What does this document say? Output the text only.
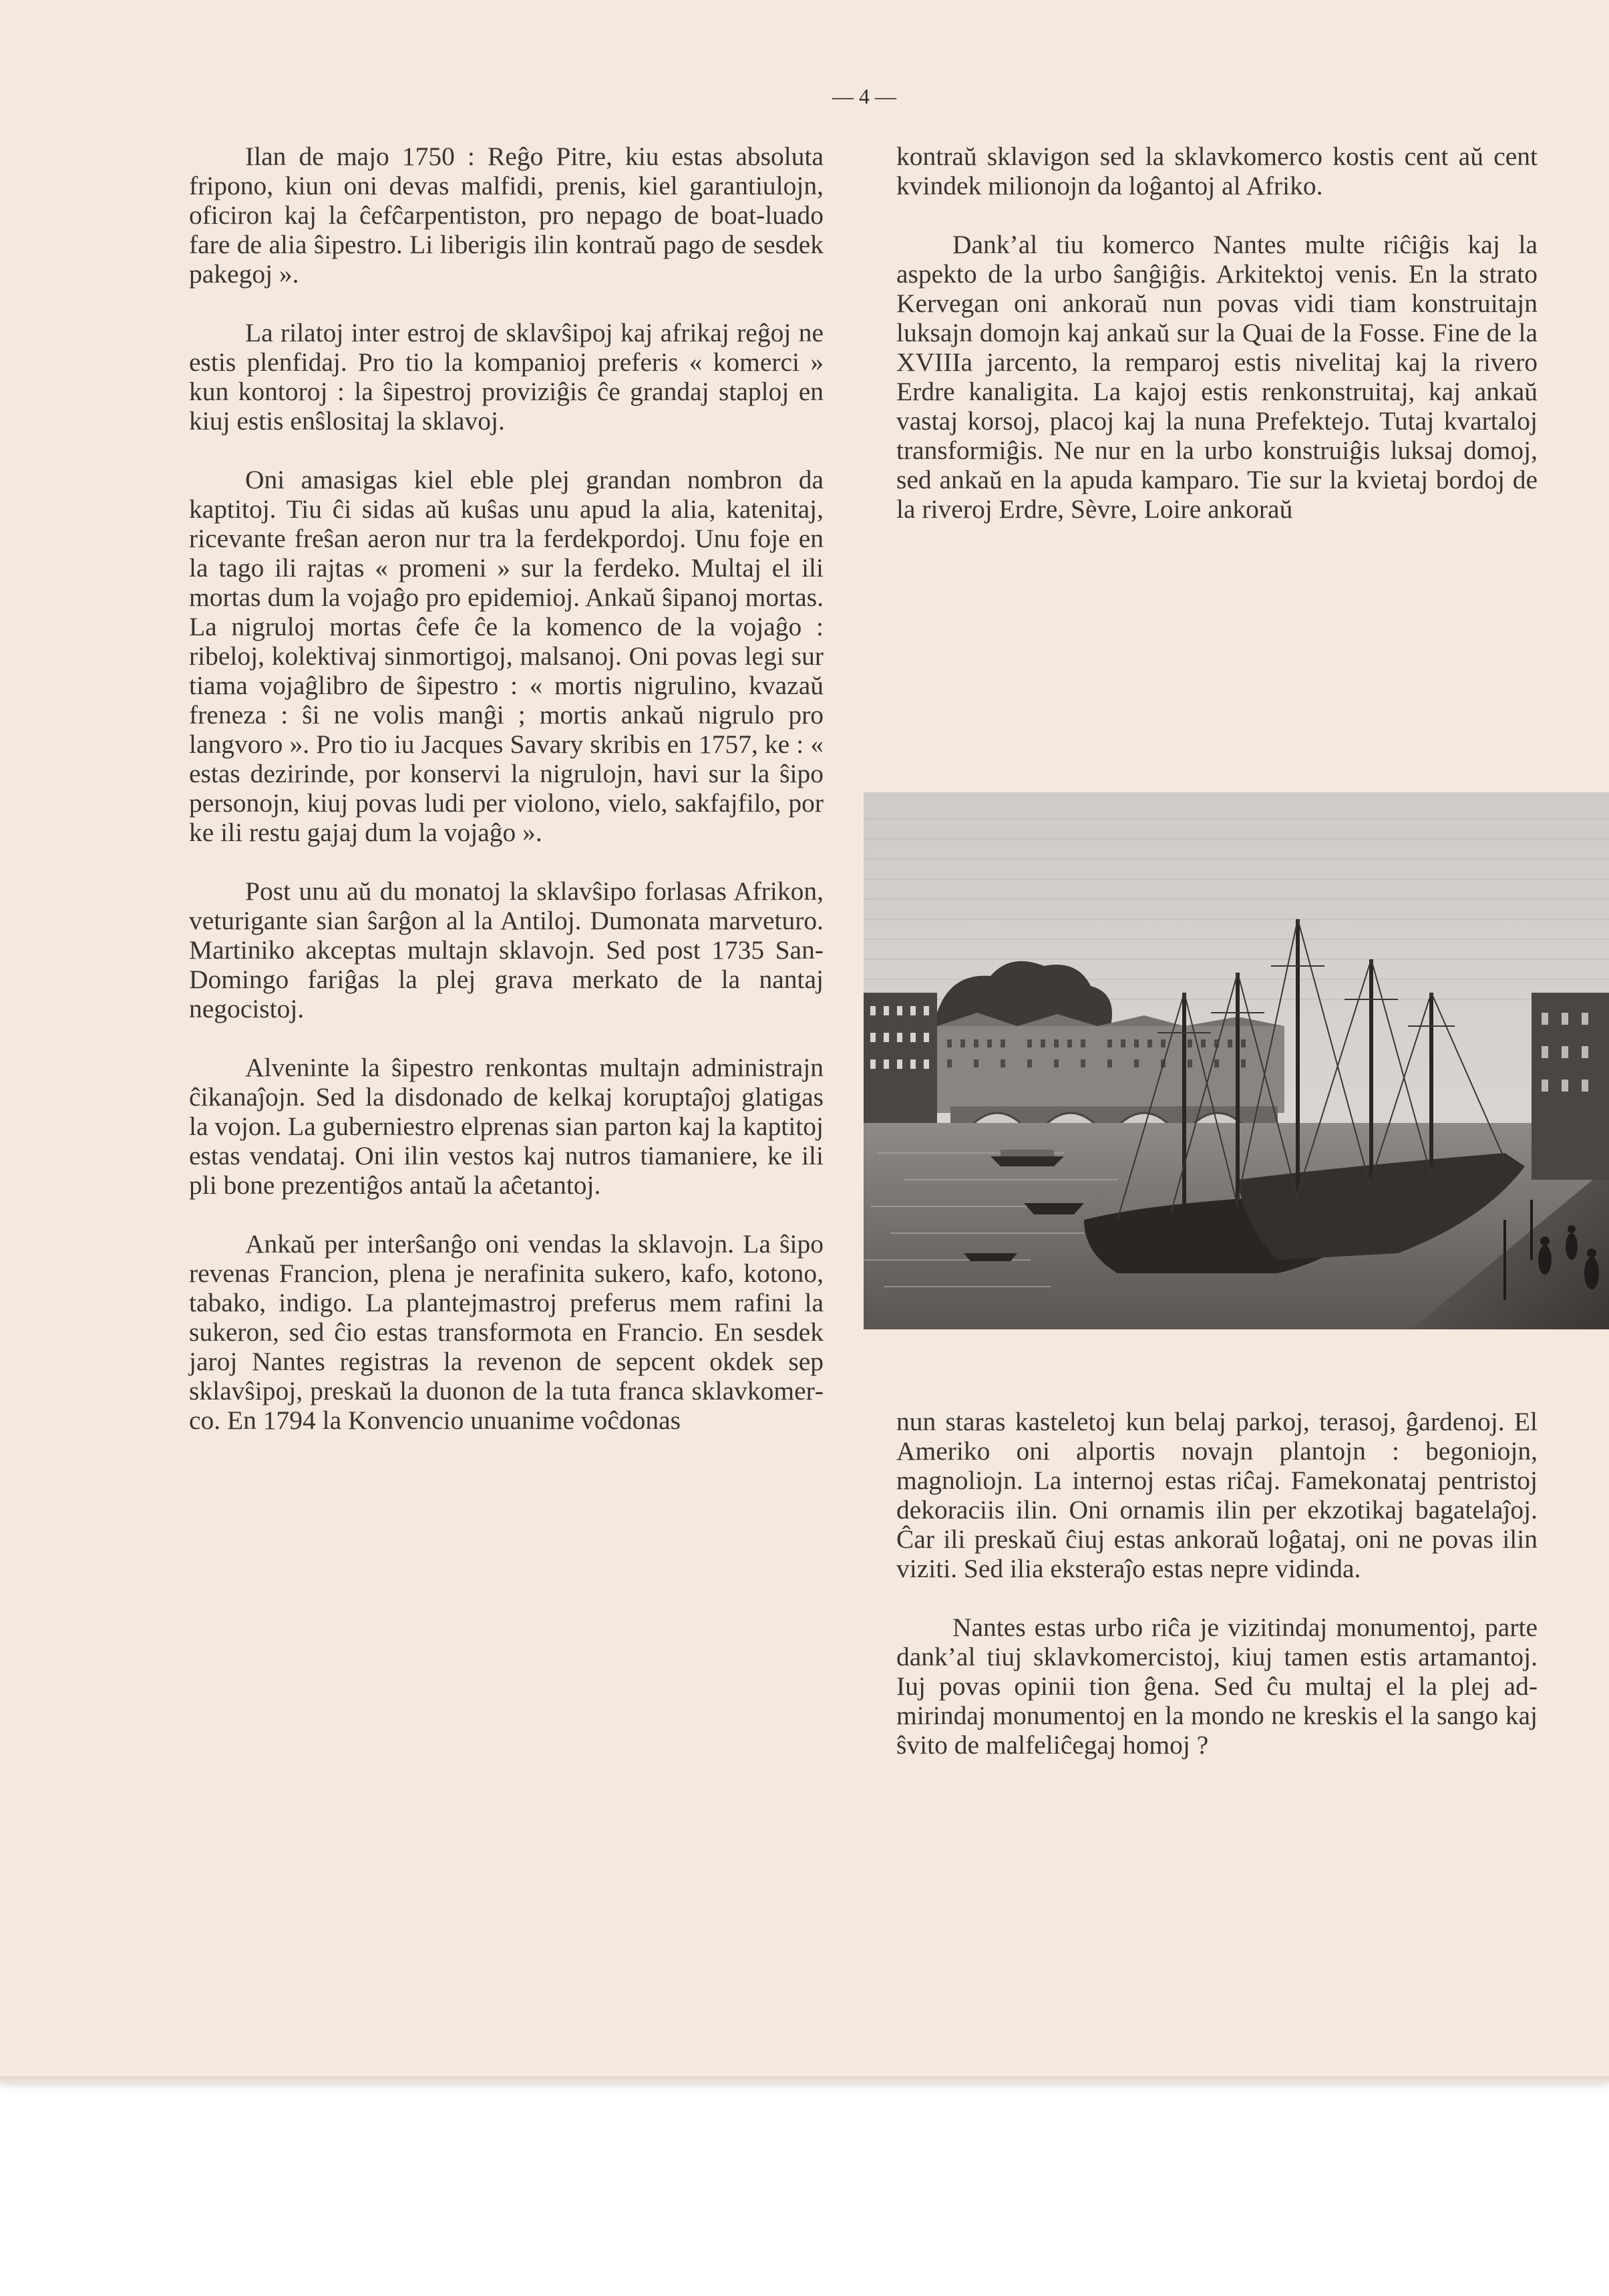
— 4 —

Ilan de majo 1750 : Reĝo Pitre, kiu estas absoluta fripono, kiun oni devas malfidi, prenis, kiel garantiulojn, oficiron kaj la ĉefĉarpentiston, pro nepago de boat-luado fare de alia ŝipestro. Li liberigis ilin kontraŭ pago de sesdek pakegoj ».

La rilatoj inter estroj de sklavŝipoj kaj afrikaj reĝoj ne estis plenfidaj. Pro tio la kompanioj preferis « komerci » kun kontoroj : la ŝipestroj proviziĝis ĉe grandaj staploj en kiuj estis enŝlositaj la sklavoj.

Oni amasigas kiel eble plej grandan nombron da kaptitoj. Tiu ĉi sidas aŭ kuŝas unu apud la alia, katenitaj, ricevante freŝan aeron nur tra la ferdekpordoj. Unu foje en la tago ili rajtas « promeni » sur la ferdeko. Multaj el ili mortas dum la vojaĝo pro epidemioj. Ankaŭ ŝipanoj mortas. La nigruloj mortas ĉefe ĉe la komenco de la vojaĝo : ribeloj, kolektivaj sinmortigoj, malsanoj. Oni povas legi sur tiama vojaĝlibro de ŝipestro : « mortis nigrulino, kvazaŭ freneza : ŝi ne volis manĝi ; mortis ankaŭ nigrulo pro langvoro ». Pro tio iu Jacques Savary skribis en 1757, ke : « estas dezirinde, por konservi la nigrulojn, havi sur la ŝipo personojn, kiuj povas ludi per violono, vielo, sakfajfilo, por ke ili restu gajaj dum la vojaĝo ».

Post unu aŭ du monatoj la sklavŝipo forlasas Afrikon, veturigante sian ŝarĝon al la Antiloj. Dumonata marveturo. Martiniko akceptas multajn sklavojn. Sed post 1735 San-Domingo fariĝas la plej grava merkato de la nantaj negocistoj.

Alveninte la ŝipestro renkontas multajn administrajn ĉikanaĵojn. Sed la disdonado de kelkaj koruptaĵoj glatigas la vojon. La guberniestro elprenas sian parton kaj la kaptitoj estas vendataj. Oni ilin vestos kaj nutros tiamaniere, ke ili pli bone prezentiĝos antaŭ la aĉetantoj.

Ankaŭ per interŝanĝo oni vendas la sklavojn. La ŝipo revenas Francion, plena je nerafinita sukero, kafo, kotono, tabako, indigo. La plantejmastroj preferus mem rafini la sukeron, sed ĉio estas transformota en Francio. En sesdek jaroj Nantes registras la revenon de sepcent okdek sep sklavŝipoj, preskaŭ la duonon de la tuta franca sklavkomerco. En 1794 la Konvencio unuanime voĉdonas

kontraŭ sklavigon sed la sklavkomerco kostis cent aŭ cent kvindek milionojn da loĝantoj al Afriko.

Dank’al tiu komerco Nantes multe riĉiĝis kaj la aspekto de la urbo ŝanĝiĝis. Arkitektoj venis. En la strato Kervegan oni ankoraŭ nun povas vidi tiam konstruitajn luksajn domojn kaj ankaŭ sur la Quai de la Fosse. Fine de la XVIIIa jarcento, la remparoj estis nivelitaj kaj la rivero Erdre kanaligita. La kajoj estis renkonstruitaj, kaj ankaŭ vastaj korsoj, placoj kaj la nuna Prefektejo. Tutaj kvartaloj transformiĝis. Ne nur en la urbo konstruiĝis luksaj domoj, sed ankaŭ en la apuda kamparo. Tie sur la kvietaj bordoj de la riveroj Erdre, Sèvre, Loire ankoraŭ

nun staras kasteletoj kun belaj parkoj, terasoj, ĝardenoj. El Ameriko oni alportis novajn plantojn : begoniojn, magnoliojn. La internoj estas riĉaj. Famekonataj pentristoj dekoraciis ilin. Oni ornamis ilin per ekzotikaj bagatelaĵoj. Ĉar ili preskaŭ ĉiuj estas ankoraŭ loĝataj, oni ne povas ilin viziti. Sed ilia eksteraĵo estas nepre vidinda.

Nantes estas urbo riĉa je vizitindaj monumentoj, parte dank’al tiuj sklavkomercistoj, kiuj tamen estis artamantoj. Iuj povas opinii tion ĝena. Sed ĉu multaj el la plej admirindaj monumentoj en la mondo ne kreskis el la sango kaj ŝvito de malfeliĉegaj homoj ?
